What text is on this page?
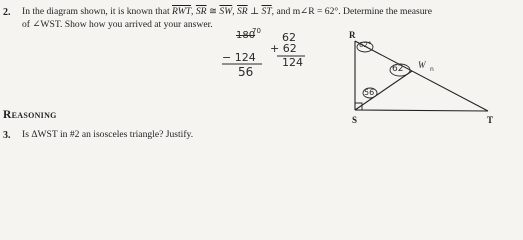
2. In the diagram shown, it is known that $\overline{RWT}$, $\overline{SR}$ ≅ $\overline{SW}$, $\overline{SR}$ ⊥ $\overline{ST}$, and m∠R = 62°. Determine the measure
of ∠WST. Show how you arrived at your answer.
180
70
− 124
56
62
+ 62
124
R
W
S	T
62°
62
56
n
Reasoning
3. Is ΔWST in #2 an isosceles triangle? Justify.
